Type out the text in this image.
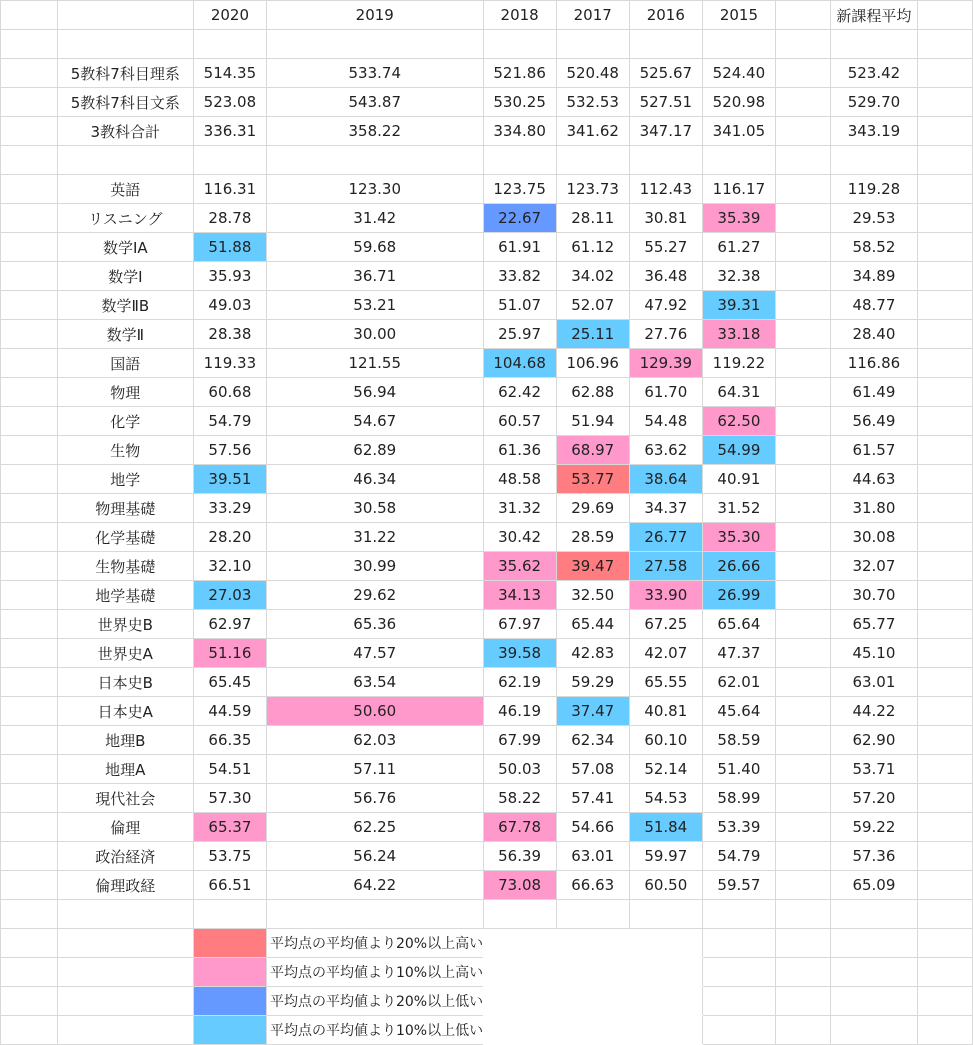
		2020	2019	2018	2017	2016	2015		新課程平均	

	5教科7科目理系	514.35	533.74	521.86	520.48	525.67	524.40		523.42	
	5教科7科目文系	523.08	543.87	530.25	532.53	527.51	520.98		529.70	
	3教科合計	336.31	358.22	334.80	341.62	347.17	341.05		343.19	

	英語	116.31	123.30	123.75	123.73	112.43	116.17		119.28	
	リスニング	28.78	31.42	22.67	28.11	30.81	35.39		29.53	
	数学ⅠA	51.88	59.68	61.91	61.12	55.27	61.27		58.52	
	数学Ⅰ	35.93	36.71	33.82	34.02	36.48	32.38		34.89	
	数学ⅡB	49.03	53.21	51.07	52.07	47.92	39.31		48.77	
	数学Ⅱ	28.38	30.00	25.97	25.11	27.76	33.18		28.40	
	国語	119.33	121.55	104.68	106.96	129.39	119.22		116.86	
	物理	60.68	56.94	62.42	62.88	61.70	64.31		61.49	
	化学	54.79	54.67	60.57	51.94	54.48	62.50		56.49	
	生物	57.56	62.89	61.36	68.97	63.62	54.99		61.57	
	地学	39.51	46.34	48.58	53.77	38.64	40.91		44.63	
	物理基礎	33.29	30.58	31.32	29.69	34.37	31.52		31.80	
	化学基礎	28.20	31.22	30.42	28.59	26.77	35.30		30.08	
	生物基礎	32.10	30.99	35.62	39.47	27.58	26.66		32.07	
	地学基礎	27.03	29.62	34.13	32.50	33.90	26.99		30.70	
	世界史B	62.97	65.36	67.97	65.44	67.25	65.64		65.77	
	世界史A	51.16	47.57	39.58	42.83	42.07	47.37		45.10	
	日本史B	65.45	63.54	62.19	59.29	65.55	62.01		63.01	
	日本史A	44.59	50.60	46.19	37.47	40.81	45.64		44.22	
	地理B	66.35	62.03	67.99	62.34	60.10	58.59		62.90	
	地理A	54.51	57.11	50.03	57.08	52.14	51.40		53.71	
	現代社会	57.30	56.76	58.22	57.41	54.53	58.99		57.20	
	倫理	65.37	62.25	67.78	54.66	51.84	53.39		59.22	
	政治経済	53.75	56.24	56.39	63.01	59.97	54.79		57.36	
	倫理政経	66.51	64.22	73.08	66.63	60.50	59.57		65.09	

			平均点の平均値より20%以上高い							
			平均点の平均値より10%以上高い							
			平均点の平均値より20%以上低い							
			平均点の平均値より10%以上低い							
